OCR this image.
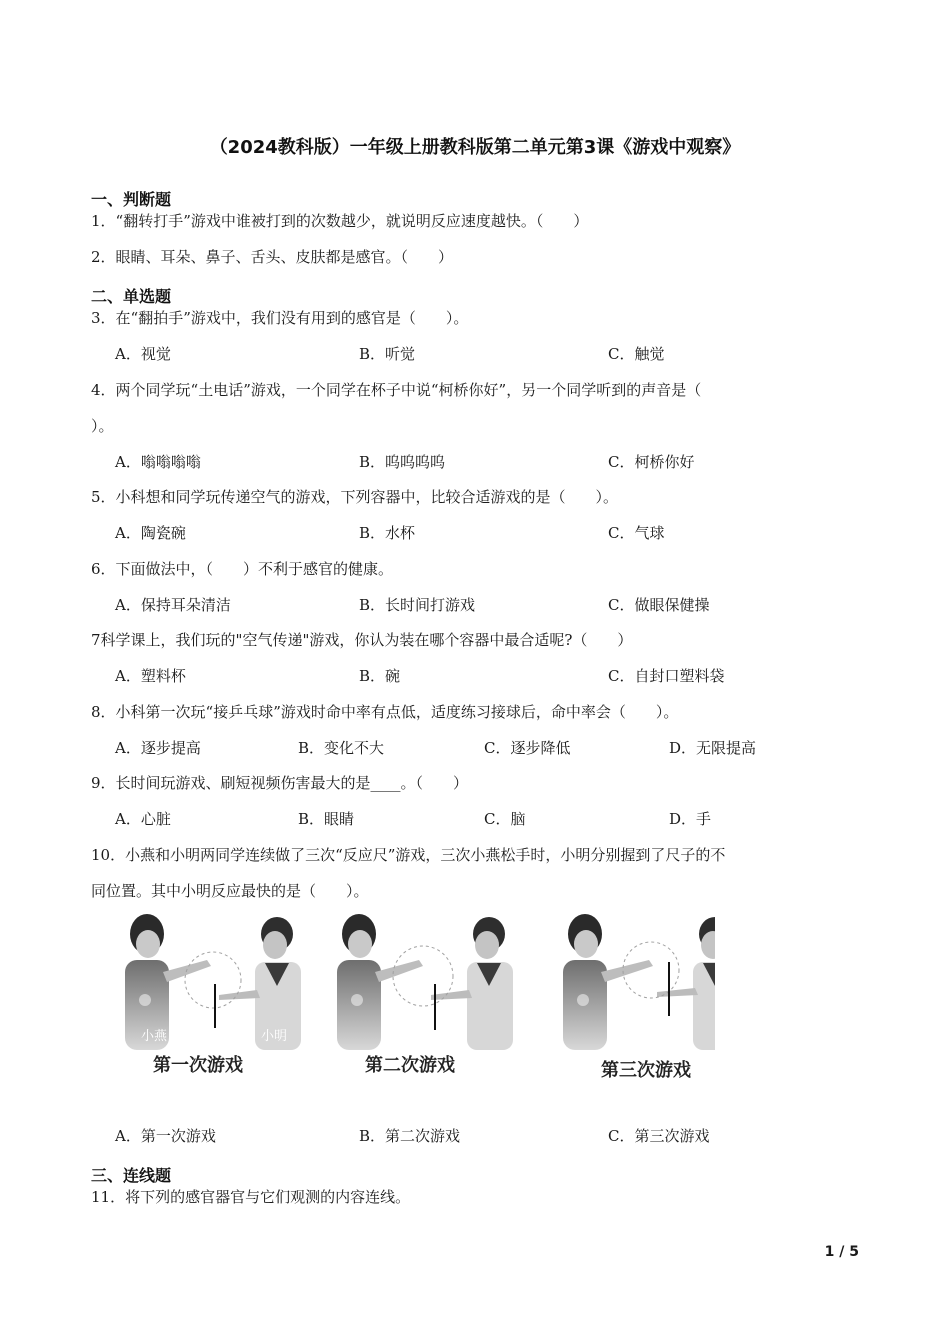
（2024教科版）一年级上册教科版第二单元第3课《游戏中观察》
一、判断题
1．“翻转打手”游戏中谁被打到的次数越少，就说明反应速度越快。（　　）
2．眼睛、耳朵、鼻子、舌头、皮肤都是感官。（　　）
二、单选题
3．在“翻拍手”游戏中，我们没有用到的感官是（　　）。
A．视觉	B．听觉	C．触觉
4．两个同学玩“土电话”游戏，一个同学在杯子中说“柯桥你好”，另一个同学听到的声音是（
）。
A．嗡嗡嗡嗡	B．呜呜呜呜	C．柯桥你好
5．小科想和同学玩传递空气的游戏，下列容器中，比较合适游戏的是（　　）。
A．陶瓷碗	B．水杯	C．气球
6．下面做法中，（　　）不利于感官的健康。
A．保持耳朵清洁	B．长时间打游戏	C．做眼保健操
7科学课上，我们玩的"空气传递"游戏，你认为装在哪个容器中最合适呢?（　　）
A．塑料杯	B．碗	C．自封口塑料袋
8．小科第一次玩“接乒乓球”游戏时命中率有点低，适度练习接球后，命中率会（　　）。
A．逐步提高	B．变化不大	C．逐步降低	D．无限提高
9．长时间玩游戏、刷短视频伤害最大的是____。（　　）
A．心脏	B．眼睛	C．脑	D．手
10．小燕和小明两同学连续做了三次“反应尺”游戏，三次小燕松手时，小明分别握到了尺子的不
同位置。其中小明反应最快的是（　　）。
小燕	小明
第一次游戏	第二次游戏	第三次游戏
A．第一次游戏	B．第二次游戏	C．第三次游戏
三、连线题
11．将下列的感官器官与它们观测的内容连线。
1 / 5
